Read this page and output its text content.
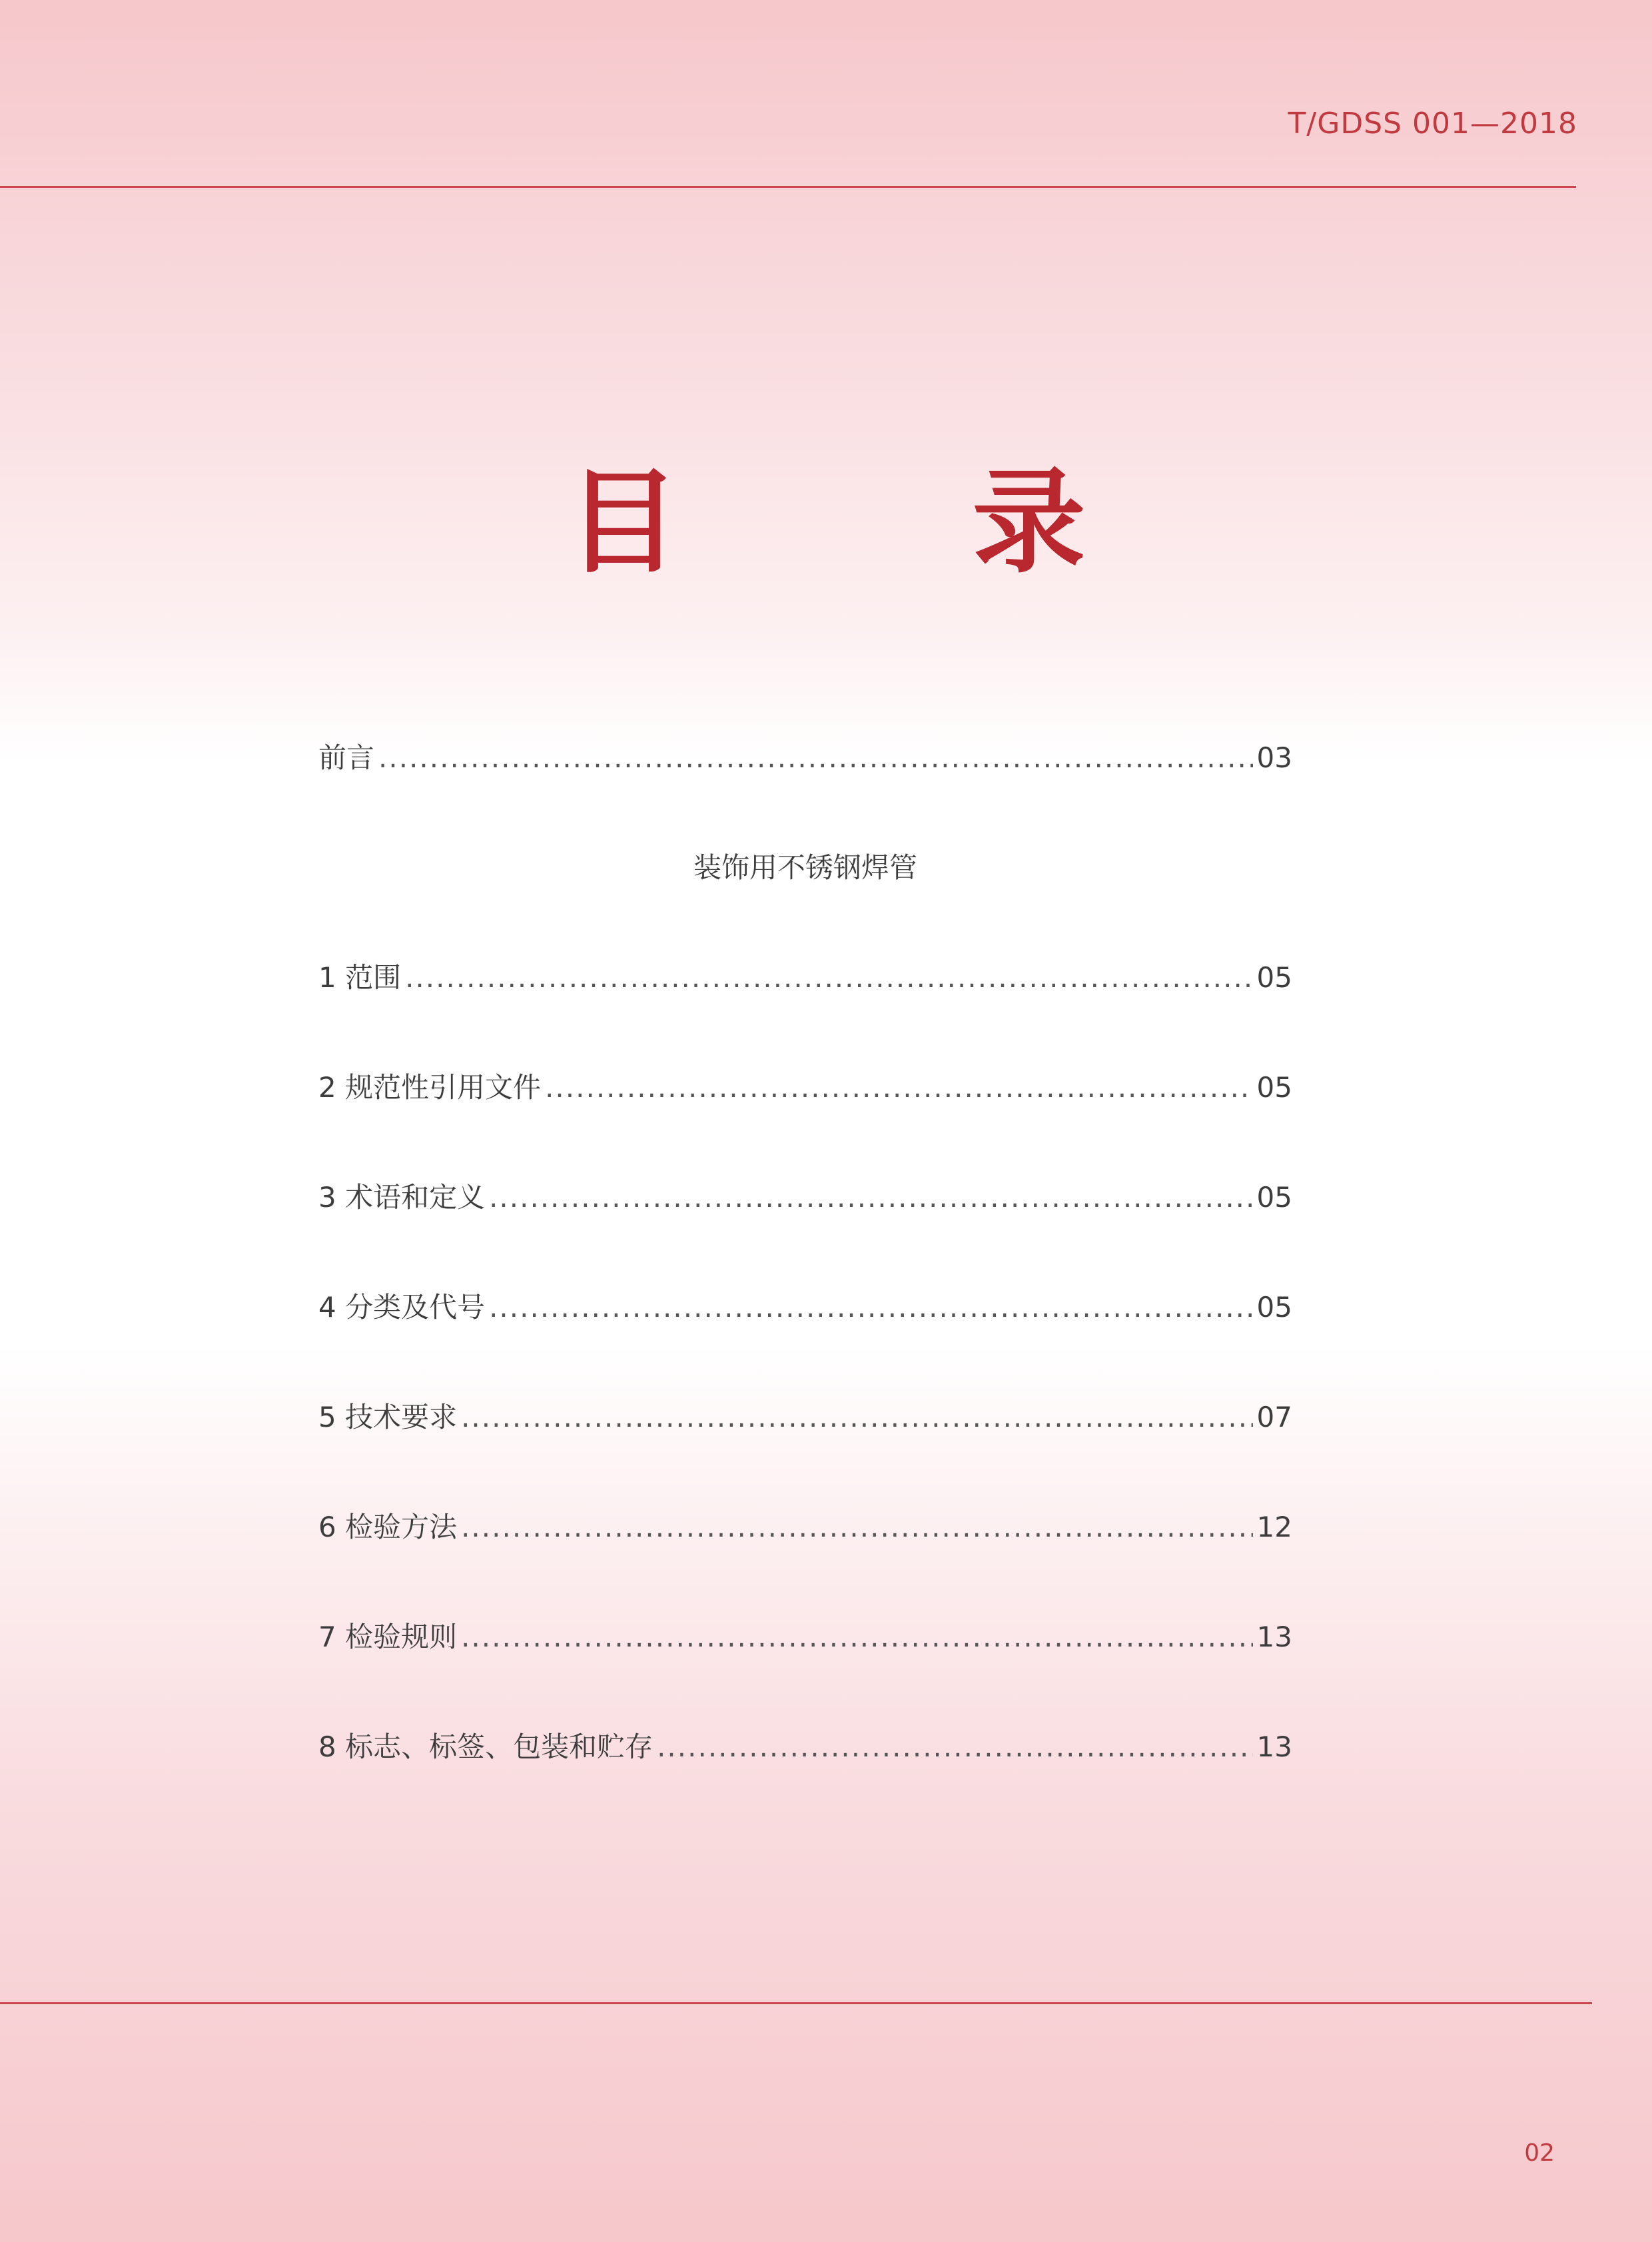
T/GDSS 001—2018
目 录
前言 .....	03
装饰用不锈钢焊管
1 范围 .....	05
2 规范性引用文件 .....	05
3 术语和定义 .....	05
4 分类及代号 .....	05
5 技术要求 .....	07
6 检验方法 .....	12
7 检验规则 .....	13
8 标志、标签、包装和贮存 .....	13
02
